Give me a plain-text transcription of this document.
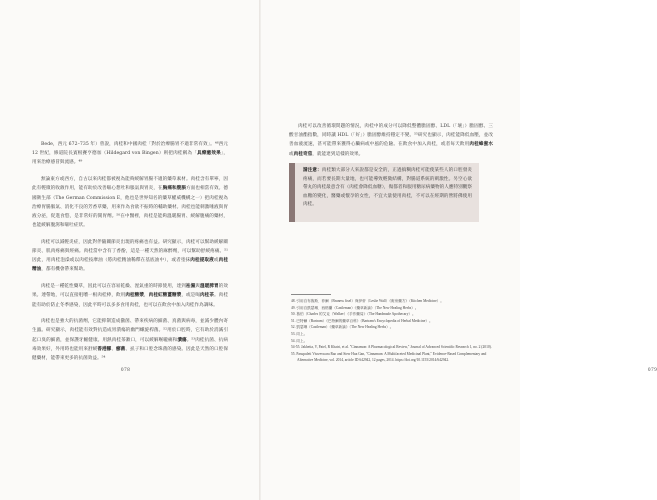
Bede，西元 672–735 年）曾說，肉桂和中國肉桂「對於治療腸胃不適非常有效」。⁴⁸西元 12 世紀，修道院長賓根賽亨德加（Hildegard von Bingen）則把肉桂稱為「具療癒效果」，用來治療感冒與流感。⁴⁹

無論東方或西方，自古以來肉桂都被視為能夠緩解胃腸不適的藥草素材。肉桂含有單寧，因此有輕微的收斂作用，能有助於改善嘔心想吐和脹氣與胃炎，在胸痛和腹脹方面也相當有效。德國衛生部（The German Commission E，他也是世界知名的藥草權威機構之一）把肉桂視為治療胃腸脹氣、消化不良的芳香草藥，用來作為食欲不振時的輔助藥材。肉桂也能刺激唾液與胃液分泌，促進食慾，是非常好的開胃劑。⁵⁰在中醫裡，肉桂是能夠溫暖腸胃、緩解腹痛的藥材，也能緩解腹瀉和嘔吐症狀。

肉桂可以減輕炎症，因此對伴隨關節炎出現的疼痛也有益。研究顯示，肉桂可以幫助緩解關節炎、肌肉疼痛與經痛。肉桂當中含有丁香酚，這是一種天然的麻醉劑，可以幫助舒緩疼痛。⁵¹因此，用肉桂泡澡或以肉桂按摩油（將肉桂精油稀釋在基底油中），或者塗抹肉桂提取液或肉桂精油，都有機會帶來幫助。

肉桂是一種乾性藥草，因此可以在容易乾燥、溼氣重的時節使用，達到祛濕與溫暖脾胃的效果。連帶地，可以直接咀嚼一根肉桂棒，飲用肉桂糖漿，肉桂紅糖薑糖漿，或是喝肉桂茶。肉桂能有助於防止冬季感染，因此平時可以多多食用肉桂，也可以在飲食中加入肉桂作為調味。

肉桂也是強大的抗菌劑，它能抑制造成黴菌、帶來疾病的細菌、真菌與病毒，並減少體內寄生蟲。研究顯示，肉桂能有效對抗造成胃潰瘍的幽門螺旋桿菌。⁵²用於口腔時，它有助於消滅引起口臭的細菌，並保護牙齦健康。用熱肉桂茶漱口，可以緩解喉嚨痛和潰瘍。⁵³肉桂抗菌、抗病毒效果好，外用時也能用來舒緩香港腳、癬菌、虱子和口腔念珠菌的感染。因此是天然的口腔保健藥材，能帶來更多的抗菌效益。⁵⁴

078

肉桂可以改善循環問題的情況，肉桂中的成分可以降低整體膽固醇、LDL（「壞」）膽固醇、三酸甘油酯指數，同時讓 HDL（「好」）膽固醇維持穩定不變。⁵⁵研究也顯示，肉桂能降低血壓，並改善血液流速，甚可能帶來獲得心臟病或中風的危險。在飲食中加入肉桂，或者每天飲用肉桂蜂蜜水或肉桂奇茄，就能達到這樣的效果。

請注意：肉桂類大部分人來說都是安全的，正過搞糊肉桂可能使某些人的口腔發炎疼痛，而若要長期大量地，也可能導致輕微結構，對腸道系統的刺激性。另空心欲帶丸的肉桂最意含有（肉桂會降低血糖），傷都者和服用糖尿病藥物的人應特別觀察血糖的變化，醫藥或懷孕的女性，不宜大量使用肉桂，不可以在經期的營將佛使用肉桂。

48. 引用自布魯斯．菲爾（Bruness fixel）與伊蒂（Leslie Wall）《廚房藥方》（Kitchen Medicine）。

49. 引用自凱瑟琳．西格蘭（Castleman）《藥草新論》（The New Healing Herbs）。

50. 魯伯（Charles 的艾克（Walker）《手作藥局》（The Handmade Apothecary）。

51. 巴特爾（Bartram）《巴特爾的藥草百科》（Bartram's Encyclopedia of Herbal Medicine）。

52. 凱瑟琳（Castleman）《藥草新論》（The New Healing Herbs）。

53. 同上。

54. 同上。

54-55. Jakhetia, V, Patel, R Khatri, et al. "Cinnamon: A Pharmacological Review," Journal of Advanced Scientific Research 1, no. 2 (2010).

55. Pasupuleti Visweswara Rao and Siew Hua Gan, "Cinnamon: A Multifaceted Medicinal Plant," Evidence-Based Complementary and Alternative Medicine, vol. 2014, article ID 642942, 12 pages, 2014. https://doi.org/10.1155/2014/642942.

079
